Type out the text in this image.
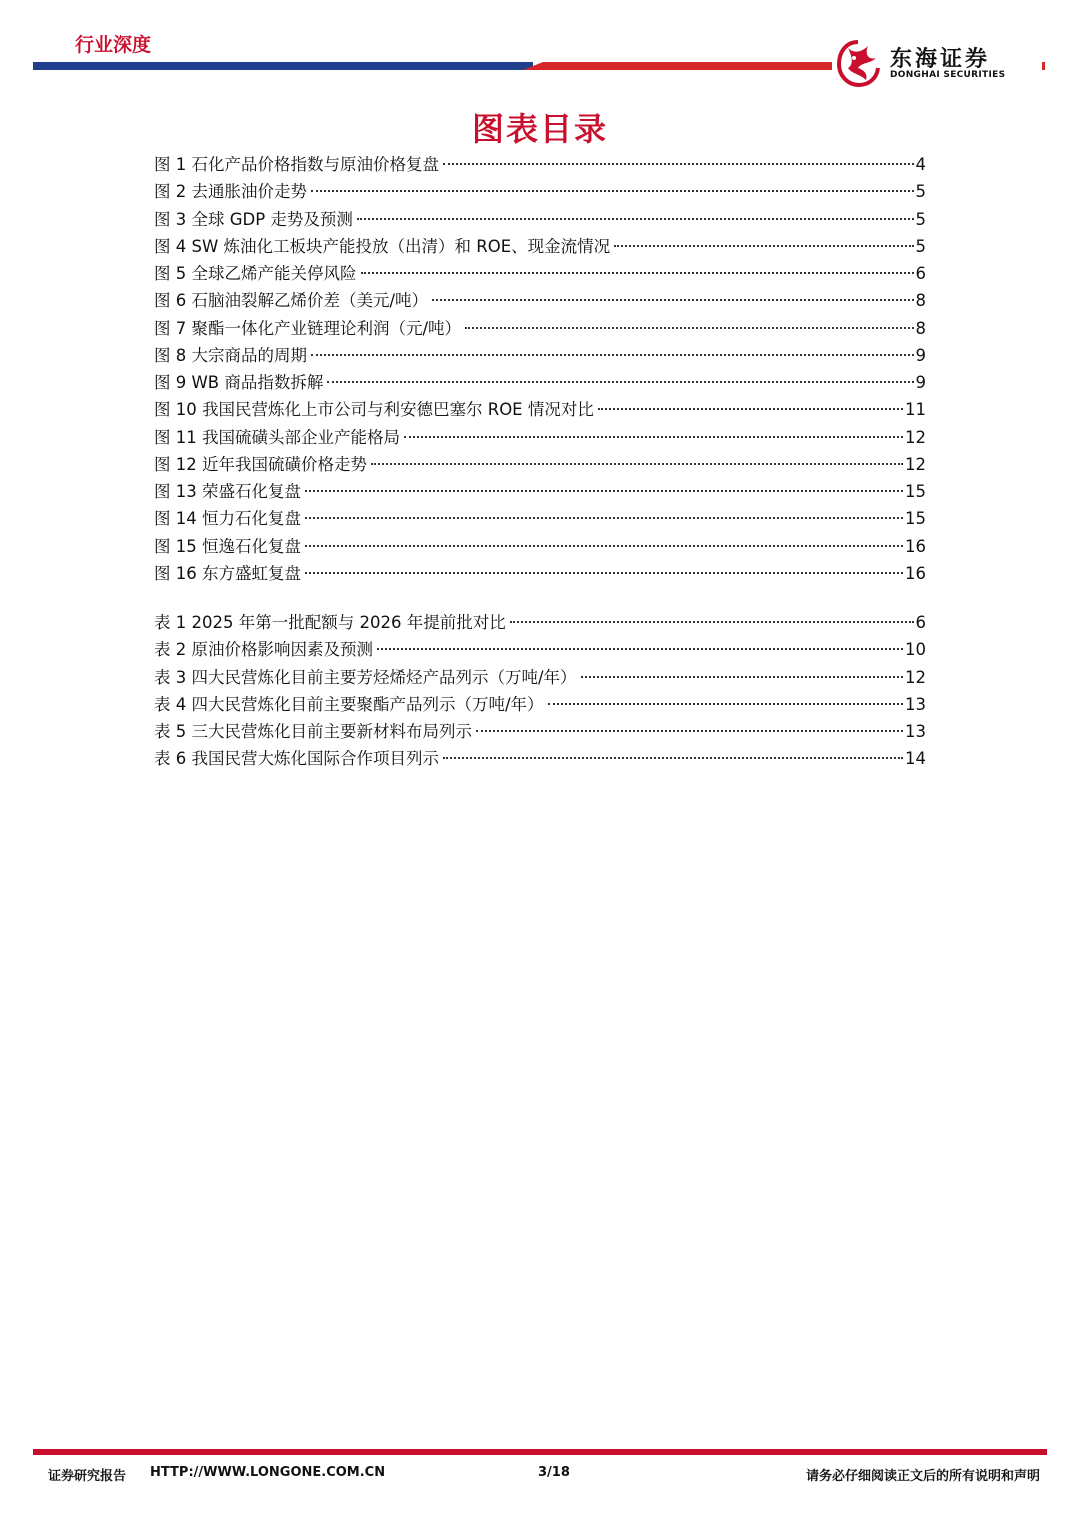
行业深度
东海证券
DONGHAI SECURITIES
图表目录
图 1 石化产品价格指数与原油价格复盘	4
图 2 去通胀油价走势	5
图 3 全球 GDP 走势及预测	5
图 4 SW 炼油化工板块产能投放（出清）和 ROE、现金流情况	5
图 5 全球乙烯产能关停风险	6
图 6 石脑油裂解乙烯价差（美元/吨）	8
图 7 聚酯一体化产业链理论利润（元/吨）	8
图 8 大宗商品的周期	9
图 9 WB 商品指数拆解	9
图 10 我国民营炼化上市公司与利安德巴塞尔 ROE 情况对比	11
图 11 我国硫磺头部企业产能格局	12
图 12 近年我国硫磺价格走势	12
图 13 荣盛石化复盘	15
图 14 恒力石化复盘	15
图 15 恒逸石化复盘	16
图 16 东方盛虹复盘	16
表 1 2025 年第一批配额与 2026 年提前批对比	6
表 2 原油价格影响因素及预测	10
表 3 四大民营炼化目前主要芳烃烯烃产品列示（万吨/年）	12
表 4 四大民营炼化目前主要聚酯产品列示（万吨/年）	13
表 5 三大民营炼化目前主要新材料布局列示	13
表 6 我国民营大炼化国际合作项目列示	14
证券研究报告 HTTP://WWW.LONGONE.COM.CN	3/18	请务必仔细阅读正文后的所有说明和声明
